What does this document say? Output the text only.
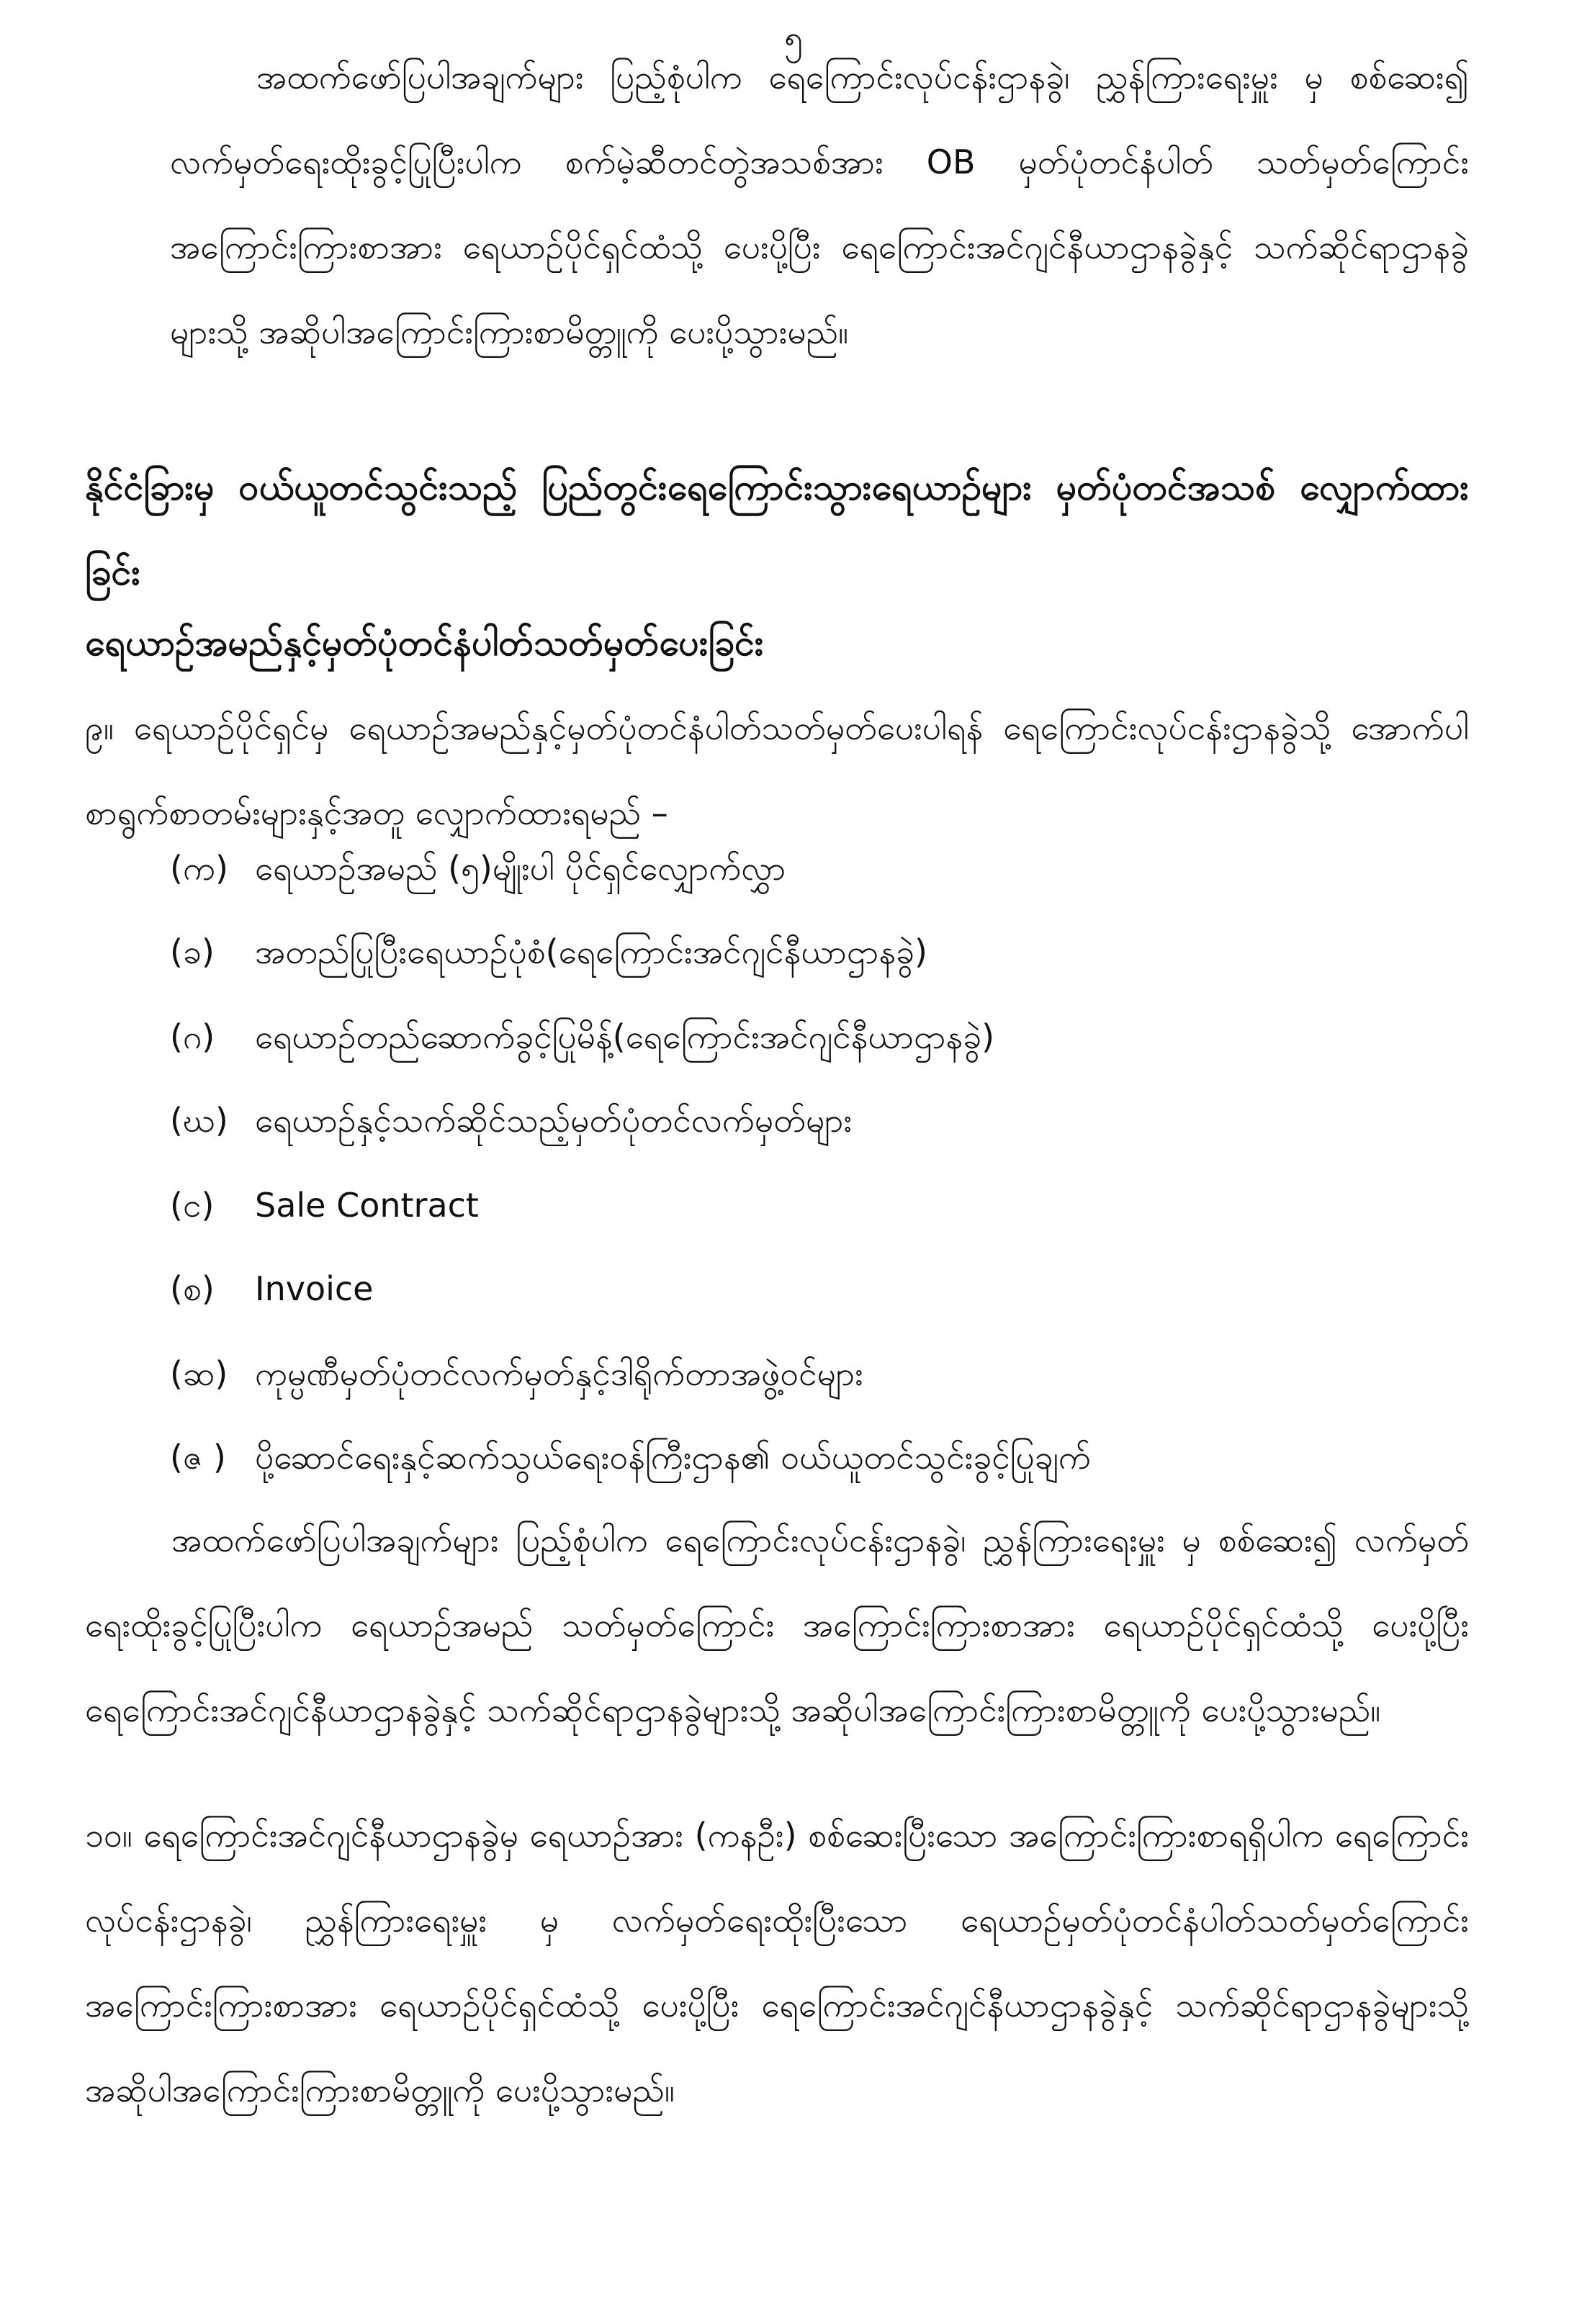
၅
အထက်ဖော်ပြပါအချက်များ ပြည့်စုံပါက ရေကြောင်းလုပ်ငန်းဌာနခွဲ၊ ညွှန်ကြားရေးမှူး မှ စစ်ဆေး၍ လက်မှတ်ရေးထိုးခွင့်ပြုပြီးပါက စက်မဲ့ဆီတင်တွဲအသစ်အား OB မှတ်ပုံတင်နံပါတ် သတ်မှတ်ကြောင်း အကြောင်းကြားစာအား ရေယာဉ်ပိုင်ရှင်ထံသို့ ပေးပို့ပြီး ရေကြောင်းအင်ဂျင်နီယာဌာနခွဲနှင့် သက်ဆိုင်ရာဌာနခွဲများသို့ အဆိုပါအကြောင်းကြားစာမိတ္တူကို ပေးပို့သွားမည်။
နိုင်ငံခြားမှ ဝယ်ယူတင်သွင်းသည့် ပြည်တွင်းရေကြောင်းသွားရေယာဉ်များ မှတ်ပုံတင်အသစ် လျှောက်ထားခြင်း
ရေယာဉ်အမည်နှင့်မှတ်ပုံတင်နံပါတ်သတ်မှတ်ပေးခြင်း
၉။ ရေယာဉ်ပိုင်ရှင်မှ ရေယာဉ်အမည်နှင့်မှတ်ပုံတင်နံပါတ်သတ်မှတ်ပေးပါရန် ရေကြောင်းလုပ်ငန်းဌာနခွဲသို့ အောက်ပါစာရွက်စာတမ်းများနှင့်အတူ လျှောက်ထားရမည် –
(က) ရေယာဉ်အမည် (၅)မျိုးပါ ပိုင်ရှင်လျှောက်လွှာ
(ခ) အတည်ပြုပြီးရေယာဉ်ပုံစံ(ရေကြောင်းအင်ဂျင်နီယာဌာနခွဲ)
(ဂ) ရေယာဉ်တည်ဆောက်ခွင့်ပြုမိန့်(ရေကြောင်းအင်ဂျင်နီယာဌာနခွဲ)
(ဃ) ရေယာဉ်နှင့်သက်ဆိုင်သည့်မှတ်ပုံတင်လက်မှတ်များ
(င) Sale Contract
(စ) Invoice
(ဆ) ကုမ္ပဏီမှတ်ပုံတင်လက်မှတ်နှင့်ဒါရိုက်တာအဖွဲ့ဝင်များ
(ဇ ) ပို့ဆောင်ရေးနှင့်ဆက်သွယ်ရေးဝန်ကြီးဌာန၏ ဝယ်ယူတင်သွင်းခွင့်ပြုချက်
အထက်ဖော်ပြပါအချက်များ ပြည့်စုံပါက ရေကြောင်းလုပ်ငန်းဌာနခွဲ၊ ညွှန်ကြားရေးမှူး မှ စစ်ဆေး၍ လက်မှတ်ရေးထိုးခွင့်ပြုပြီးပါက ရေယာဉ်အမည် သတ်မှတ်ကြောင်း အကြောင်းကြားစာအား ရေယာဉ်ပိုင်ရှင်ထံသို့ ပေးပို့ပြီး ရေကြောင်းအင်ဂျင်နီယာဌာနခွဲနှင့် သက်ဆိုင်ရာဌာနခွဲများသို့ အဆိုပါအကြောင်းကြားစာမိတ္တူကို ပေးပို့သွားမည်။
၁၀။ ရေကြောင်းအင်ဂျင်နီယာဌာနခွဲမှ ရေယာဉ်အား (ကနဦး) စစ်ဆေးပြီးသော အကြောင်းကြားစာရရှိပါက ရေကြောင်းလုပ်ငန်းဌာနခွဲ၊ ညွှန်ကြားရေးမှူး မှ လက်မှတ်ရေးထိုးပြီးသော ရေယာဉ်မှတ်ပုံတင်နံပါတ်သတ်မှတ်ကြောင်း အကြောင်းကြားစာအား ရေယာဉ်ပိုင်ရှင်ထံသို့ ပေးပို့ပြီး ရေကြောင်းအင်ဂျင်နီယာဌာနခွဲနှင့် သက်ဆိုင်ရာဌာနခွဲများသို့အဆိုပါအကြောင်းကြားစာမိတ္တူကို ပေးပို့သွားမည်။
